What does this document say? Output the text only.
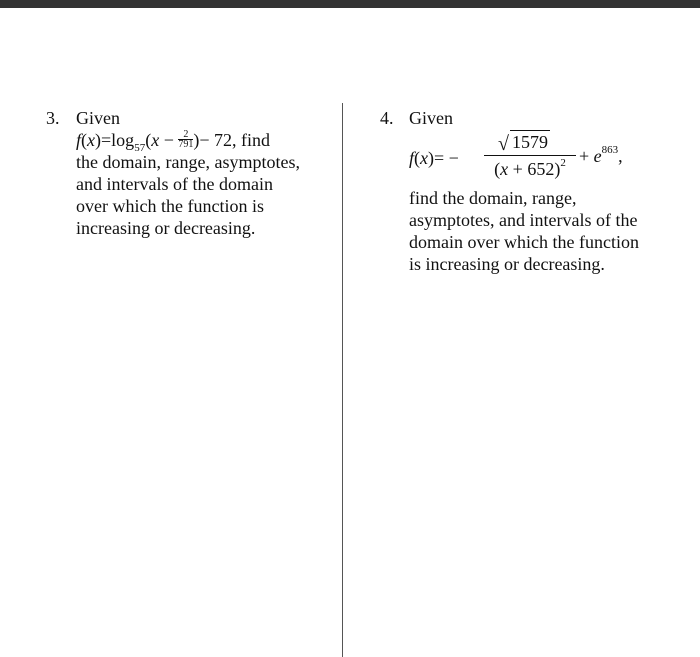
3. Given
$f(x)=\log_{57}(x - \frac{2}{791}$ )− 72, find
the domain, range, asymptotes,
and intervals of the domain
over which the function is
increasing or decreasing.
4. Given
f(x)= −
√ 1579
$(x + 652)^2 + e^{863}$,
find the domain, range,
asymptotes, and intervals of the
domain over which the function
is increasing or decreasing.
